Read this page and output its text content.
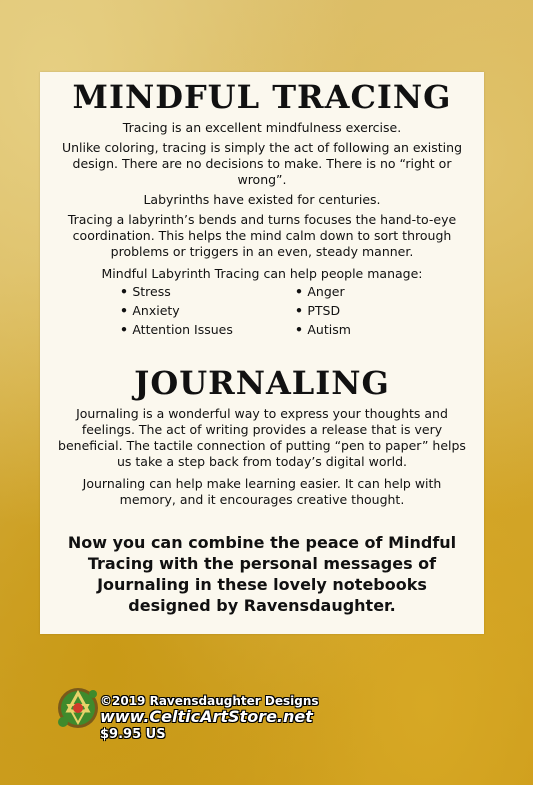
MINDFUL TRACING

Tracing is an excellent mindfulness exercise.

Unlike coloring, tracing is simply the act of following an existing design. There are no decisions to make. There is no “right or wrong”.

Labyrinths have existed for centuries.

Tracing a labyrinth’s bends and turns focuses the hand-to-eye coordination. This helps the mind calm down to sort through problems or triggers in an even, steady manner.

Mindful Labyrinth Tracing can help people manage:

• Stress	• Anger
• Anxiety	• PTSD
• Attention Issues	• Autism
JOURNALING

Journaling is a wonderful way to express your thoughts and feelings. The act of writing provides a release that is very beneficial. The tactile connection of putting “pen to paper” helps us take a step back from today’s digital world.

Journaling can help make learning easier. It can help with memory, and it encourages creative thought.

Now you can combine the peace of Mindful Tracing with the personal messages of Journaling in these lovely notebooks designed by Ravensdaughter.
©2019 Ravensdaughter Designs
www.CelticArtStore.net
$9.95 US
